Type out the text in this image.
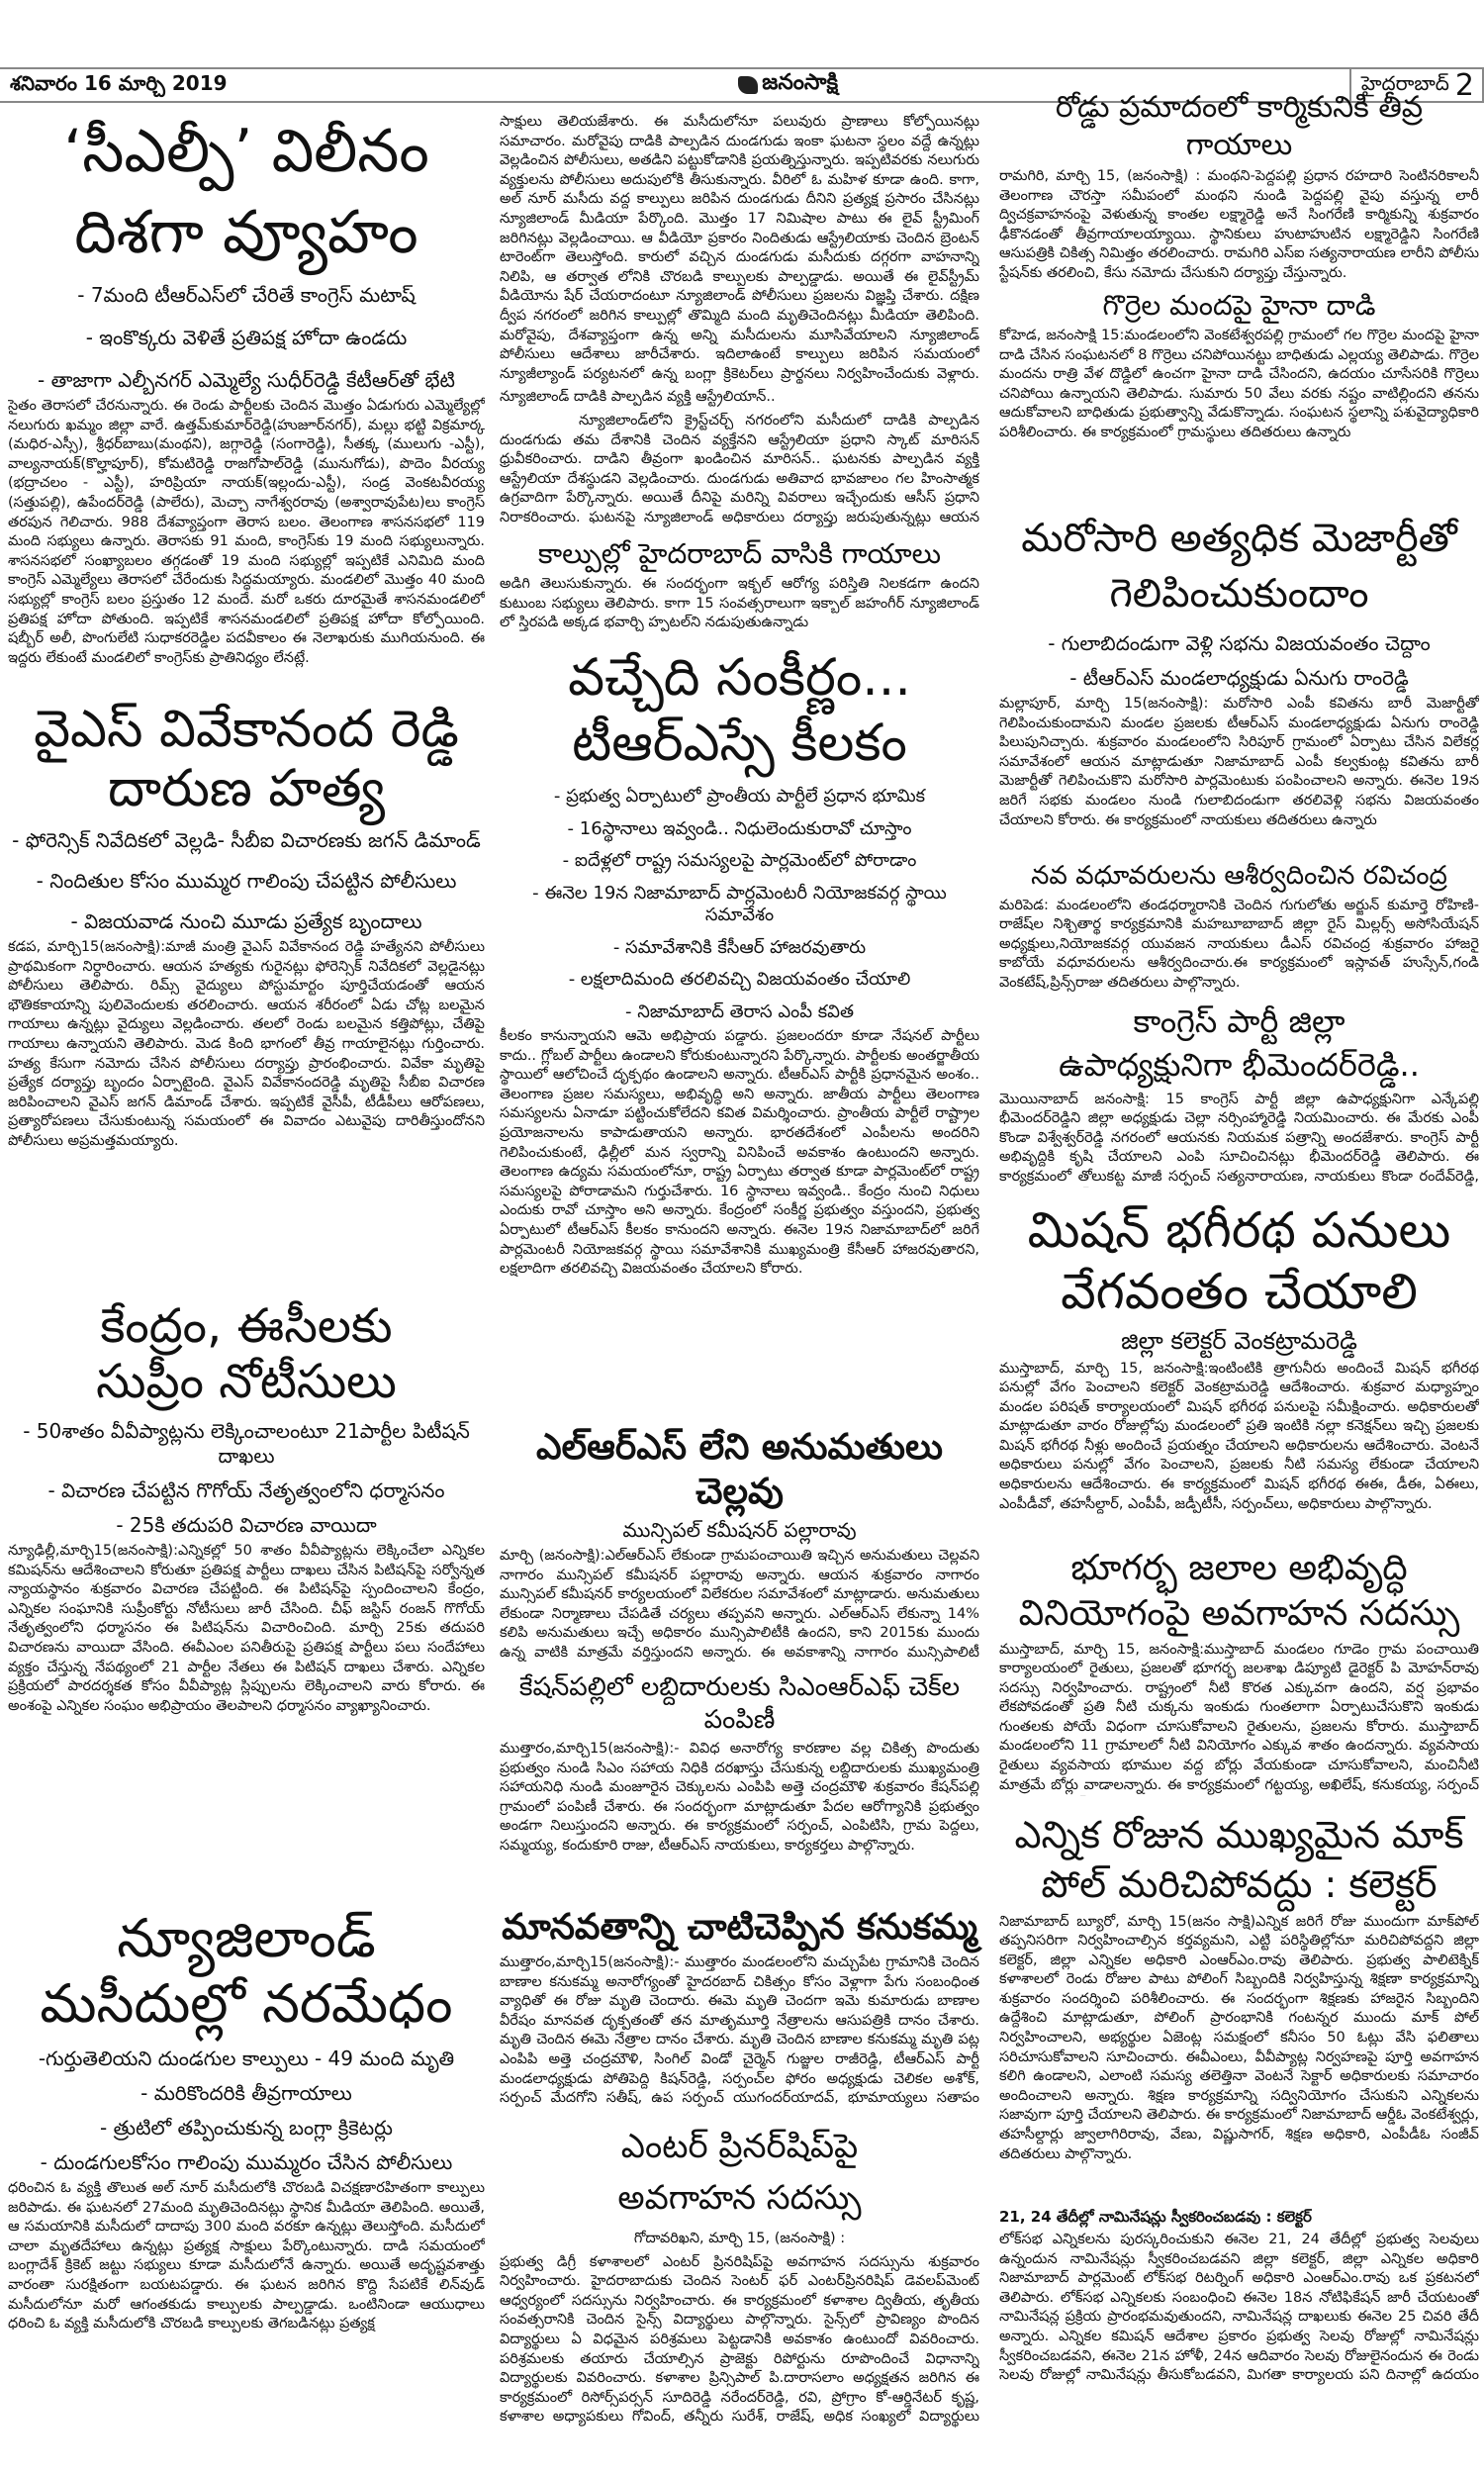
శనివారం 16 మార్చి 2019	జనంసాక్షి	హైదరాబాద్ 2
‘సీఎల్పీ’ విలీనం
దిశగా వ్యూహం
- 7మంది టీఆర్ఎస్‌లో చేరితే కాంగ్రెస్ మటాష్
- ఇంకొక్కరు వెళితే ప్రతిపక్ష హోదా ఉండదు
- తాజాగా ఎల్బీనగర్ ఎమ్మెల్యే సుధీర్‌రెడ్డి కేటీఆర్‌తో భేటి
సైతం తెరాసలో చేరనున్నారు. ఈ రెండు పార్టీలకు చెందిన మొత్తం ఏడుగురు ఎమ్మెల్యేల్లో నలుగురు ఖమ్మం జిల్లా వారే. ఉత్తమ్‌కుమార్‌రెడ్డి(హుజూర్‌నగర్), మల్లు భట్టి విక్రమార్క (మధిర-ఎస్సీ), శ్రీధర్‌బాబు(మంథని), జగ్గారెడ్డి (సంగారెడ్డి), సీతక్క (ములుగు -ఎస్టీ), వాల్యనాయక్‌(కొల్హాపూర్), కోమటిరెడ్డి రాజగోపాల్‌రెడ్డి (మునుగోడు), పొదెం వీరయ్య (భద్రాచలం - ఎస్టీ), హరిప్రియా నాయక్‌(ఇల్లందు-ఎస్టీ), సండ్ర వెంకటవీరయ్య (సత్తుపల్లి), ఉపేందర్‌రెడ్డి (పాలేరు), మెచ్చా నాగేశ్వరరావు (అశ్వారావుపేట)లు కాంగ్రెస్ తరపున గెలిచారు. 988 దేశవ్యాప్తంగా తెరాస బలం. తెలంగాణ శాసనసభలో 119 మంది సభ్యులు ఉన్నారు. తెరాసకు 91 మంది, కాంగ్రెస్‌కు 19 మంది సభ్యులున్నారు. శాసనసభలో సంఖ్యాబలం తగ్గడంతో 19 మంది సభ్యుల్లో ఇప్పటికే ఎనిమిది మంది కాంగ్రెస్ ఎమ్మెల్యేలు తెరాసలో చేరేందుకు సిద్ధమయ్యారు. మండలిలో మొత్తం 40 మంది సభ్యుల్లో కాంగ్రెస్ బలం ప్రస్తుతం 12 మందే. మరో ఒకరు దూరమైతే శాసనమండలిలో ప్రతిపక్ష హోదా పోతుంది. ఇప్పటికే శాసనమండలిలో ప్రతిపక్ష హోదా కోల్పోయింది. షబ్బీర్ అలీ, పొంగులేటి సుధాకరరెడ్డిల పదవీకాలం ఈ నెలాఖరుకు ముగియనుంది. ఈ ఇద్దరు లేకుంటే మండలిలో కాంగ్రెస్‌కు ప్రాతినిధ్యం లేనట్లే.
వైఎస్ వివేకానంద రెడ్డి
దారుణ హత్య
- ఫోరెన్సిక్ నివేదికలో వెల్లడి- సీబీఐ విచారణకు జగన్ డిమాండ్
- నిందితుల కోసం ముమ్మర గాలింపు చేపట్టిన పోలీసులు
- విజయవాడ నుంచి మూడు ప్రత్యేక బృందాలు
కడప, మార్చి15(జనంసాక్షి):మాజీ మంత్రి వైఎస్ వివేకానంద రెడ్డి హత్యేనని పోలీసులు ప్రాథమికంగా నిర్ధారించారు. ఆయన హత్యకు గురైనట్లు ఫోరెన్సిక్ నివేదికలో వెల్లడైనట్లు పోలీసులు తెలిపారు. రిమ్స్ వైద్యులు పోస్టుమార్టం పూర్తిచేయడంతో ఆయన భౌతికకాయాన్ని పులివెందులకు తరలించారు. ఆయన శరీరంలో ఏడు చోట్ల బలమైన గాయాలు ఉన్నట్లు వైద్యులు వెల్లడించారు. తలలో రెండు బలమైన కత్తిపోట్లు, చేతిపై గాయాలు ఉన్నాయని తెలిపారు. మెడ కింది భాగంలో తీవ్ర గాయాలైనట్లు గుర్తించారు. హత్య కేసుగా నమోదు చేసిన పోలీసులు దర్యాప్తు ప్రారంభించారు. వివేకా మృతిపై ప్రత్యేక దర్యాప్తు బృందం ఏర్పాటైంది. వైఎస్ వివేకానందరెడ్డి మృతిపై సీబీఐ విచారణ జరిపించాలని వైఎస్ జగన్ డిమాండ్ చేశారు. ఇప్పటికే వైసీపీ, టీడీపీలు ఆరోపణలు, ప్రత్యారోపణలు చేసుకుంటున్న సమయంలో ఈ వివాదం ఎటువైపు దారితీస్తుందోనని పోలీసులు అప్రమత్తమయ్యారు.
కేంద్రం, ఈసీలకు
సుప్రీం నోటీసులు
- 50శాతం వీవీప్యాట్లను లెక్కించాలంటూ 21పార్టీల పిటీషన్ దాఖలు
- విచారణ చేపట్టిన గొగోయ్ నేతృత్వంలోని ధర్మాసనం
- 25కి తదుపరి విచారణ వాయిదా
న్యూఢిల్లీ,మార్చి15(జనంసాక్షి):ఎన్నికల్లో 50 శాతం వీవీప్యాట్లను లెక్కించేలా ఎన్నికల కమిషన్‌ను ఆదేశించాలని కోరుతూ ప్రతిపక్ష పార్టీలు దాఖలు చేసిన పిటిషన్‌పై సర్వోన్నత న్యాయస్థానం శుక్రవారం విచారణ చేపట్టింది. ఈ పిటిషన్‌పై స్పందించాలని కేంద్రం, ఎన్నికల సంఘానికి సుప్రీంకోర్టు నోటీసులు జారీ చేసింది. చీఫ్ జస్టిస్ రంజన్ గొగోయ్ నేతృత్వంలోని ధర్మాసనం ఈ పిటిషన్‌ను విచారించింది. మార్చి 25కు తదుపరి విచారణను వాయిదా వేసింది. ఈవీఎంల పనితీరుపై ప్రతిపక్ష పార్టీలు పలు సందేహాలు వ్యక్తం చేస్తున్న నేపథ్యంలో 21 పార్టీల నేతలు ఈ పిటిషన్ దాఖలు చేశారు. ఎన్నికల ప్రక్రియలో పారదర్శకత కోసం వీవీప్యాట్ల స్లిప్పులను లెక్కించాలని వారు కోరారు. ఈ అంశంపై ఎన్నికల సంఘం అభిప్రాయం తెలపాలని ధర్మాసనం వ్యాఖ్యానించారు.
న్యూజిలాండ్
మసీదుల్లో నరమేధం
-గుర్తుతెలియని దుండగుల కాల్పులు - 49 మంది మృతి
- మరికొందరికి తీవ్రగాయాలు
- త్రుటిలో తప్పించుకున్న బంగ్లా క్రికెటర్లు
- దుండగులకోసం గాలింపు ముమ్మరం చేసిన పోలీసులు
ధరించిన ఓ వ్యక్తి తొలుత అల్ నూర్ మసీదులోకి చొరబడి విచక్షణారహితంగా కాల్పులు జరిపాడు. ఈ ఘటనలో 27మంది మృతిచెందినట్లు స్థానిక మీడియా తెలిపింది. అయితే, ఆ సమయానికి మసీదులో దాదాపు 300 మంది వరకూ ఉన్నట్లు తెలుస్తోంది. మసీదులో చాలా మృతదేహాలు ఉన్నట్లు ప్రత్యక్ష సాక్షులు పేర్కొంటున్నారు. దాడి సమయంలో బంగ్లాదేశ్ క్రికెట్ జట్టు సభ్యులు కూడా మసీదులోనే ఉన్నారు. అయితే అదృష్టవశాత్తు వారంతా సురక్షితంగా బయటపడ్డారు. ఈ ఘటన జరిగిన కొద్ది సేపటికే లిన్‌వుడ్ మసీదులోనూ మరో ఆగంతకుడు కాల్పులకు పాల్పడ్డాడు. ఒంటినిండా ఆయుధాలు ధరించి ఓ వ్యక్తి మసీదులోకి చొరబడి కాల్పులకు తెగబడినట్లు ప్రత్యక్ష
సాక్షులు తెలియజేశారు. ఈ మసీదులోనూ పలువురు ప్రాణాలు కోల్పోయినట్లు సమాచారం. మరోవైపు దాడికి పాల్పడిన దుండగుడు ఇంకా ఘటనా స్థలం వద్దే ఉన్నట్లు వెల్లడించిన పోలీసులు, అతడిని పట్టుకోడానికి ప్రయత్నిస్తున్నారు. ఇప్పటివరకు నలుగురు వ్యక్తులను పోలీసులు అదుపులోకి తీసుకున్నారు. వీరిలో ఓ మహిళ కూడా ఉంది. కాగా, అల్ నూర్ మసీదు వద్ద కాల్పులు జరిపిన దుండగుడు దీనిని ప్రత్యక్ష ప్రసారం చేసినట్లు న్యూజిలాండ్ మీడియా పేర్కొంది. మొత్తం 17 నిమిషాల పాటు ఈ లైవ్ స్ట్రీమింగ్ జరిగినట్లు వెల్లడించాయి. ఆ వీడియో ప్రకారం నిందితుడు ఆస్ట్రేలియాకు చెందిన బ్రెంటన్ టారెంట్‌గా తెలుస్తోంది. కారులో వచ్చిన దుండగుడు మసీదుకు దగ్గరగా వాహనాన్ని నిలిపి, ఆ తర్వాత లోనికి చొరబడి కాల్పులకు పాల్పడ్డాడు. అయితే ఈ లైవ్‌స్ట్రీమ్ వీడియోను షేర్ చేయరాదంటూ న్యూజిలాండ్ పోలీసులు ప్రజలను విజ్ఞప్తి చేశారు. దక్షిణ ద్వీప నగరంలో జరిగిన కాల్పుల్లో తొమ్మిది మంది మృతిచెందినట్లు మీడియా తెలిపింది. మరోవైపు, దేశవ్యాప్తంగా ఉన్న అన్ని మసీదులను మూసివేయాలని న్యూజిలాండ్ పోలీసులు ఆదేశాలు జారీచేశారు. ఇదిలాఉంటే కాల్పులు జరిపిన సమయంలో న్యూజీల్యాండ్ పర్యటనలో ఉన్న బంగ్లా క్రికెటర్‌లు ప్రార్థనలు నిర్వహించేందుకు వెళ్లారు.
న్యూజిలాండ్ దాడికి పాల్పడిన వ్యక్తి ఆస్ట్రేలియాన్..
న్యూజిలాండ్‌లోని క్రైస్ట్‌చర్చ్ నగరంలోని మసీదులో దాడికి పాల్పడిన దుండగుడు తమ దేశానికి చెందిన వ్యక్తేనని ఆస్ట్రేలియా ప్రధాని స్కాట్ మారిసన్ ధ్రువీకరించారు. దాడిని తీవ్రంగా ఖండించిన మారిసన్.. ఘటనకు పాల్పడిన వ్యక్తి ఆస్ట్రేలియా దేశస్థుడని వెల్లడించారు. దుండగుడు అతివాద భావజాలం గల హింసాత్మక ఉగ్రవాదిగా పేర్కొన్నారు. అయితే దీనిపై మరిన్ని వివరాలు ఇచ్చేందుకు ఆసీస్ ప్రధాని నిరాకరించారు. ఘటనపై న్యూజిలాండ్ అధికారులు దర్యాప్తు జరుపుతున్నట్లు ఆయన
కాల్పుల్లో హైదరాబాద్ వాసికి గాయాలు
అడిగి తెలుసుకున్నారు. ఈ సందర్భంగా ఇక్బల్ ఆరోగ్య పరిస్తితి నిలకడగా ఉందని కుటుంబ సభ్యులు తెలిపారు. కాగా 15 సంవత్సరాలుగా ఇక్బాల్ జహంగీర్ న్యూజిలాండ్ లో స్తిరపడి అక్కడ భవార్చి హ్పటల్‌ని నడుపుతుఉన్నాడు
వచ్చేది సంకీర్ణం...
టీఆర్ఎస్సే కీలకం
- ప్రభుత్వ ఏర్పాటులో ప్రాంతీయ పార్టీలే ప్రధాన భూమిక
- 16స్థానాలు ఇవ్వండి.. నిధులెందుకురావో చూస్తాం
- ఐదేళ్లలో రాష్ట్ర సమస్యలపై పార్లమెంట్‌లో పోరాడాం
- ఈనెల 19న నిజామాబాద్ పార్లమెంటరీ నియోజకవర్గ స్థాయి సమావేశం
- సమావేశానికి కేసీఆర్ హాజరవుతారు
- లక్షలాదిమంది తరలివచ్చి విజయవంతం చేయాలి
- నిజామాబాద్ తెరాస ఎంపీ కవిత
కీలకం కానున్నాయని ఆమె అభిప్రాయ పడ్డారు. ప్రజలందరూ కూడా నేషనల్ పార్టీలు కాదు.. గ్లోబల్ పార్టీలు ఉండాలని కోరుకుంటున్నారని పేర్కొన్నారు. పార్టీలకు అంతర్జాతీయ స్థాయిలో ఆలోచించే దృక్పథం ఉండాలని అన్నారు. టీఆర్ఎస్ పార్టీకి ప్రధానమైన అంశం.. తెలంగాణ ప్రజల సమస్యలు, అభివృద్ధి అని అన్నారు. జాతీయ పార్టీలు తెలంగాణ సమస్యలను ఏనాడూ పట్టించుకోలేదని కవిత విమర్శించారు. ప్రాంతీయ పార్టీలే రాష్ట్రాల ప్రయోజనాలను కాపాడుతాయని అన్నారు. భారతదేశంలో ఎంపీలను అందరిని గెలిపించుకుంటే, ఢిల్లీలో మన స్వరాన్ని వినిపించే అవకాశం ఉంటుందని అన్నారు. తెలంగాణ ఉద్యమ సమయంలోనూ, రాష్ట్ర ఏర్పాటు తర్వాత కూడా పార్లమెంట్‌లో రాష్ట్ర సమస్యలపై పోరాడామని గుర్తుచేశారు. 16 స్థానాలు ఇవ్వండి.. కేంద్రం నుంచి నిధులు ఎందుకు రావో చూస్తాం అని అన్నారు. కేంద్రంలో సంకీర్ణ ప్రభుత్వం వస్తుందని, ప్రభుత్వ ఏర్పాటులో టీఆర్ఎస్ కీలకం కానుందని అన్నారు. ఈనెల 19న నిజామాబాద్‌లో జరిగే పార్లమెంటరీ నియోజకవర్గ స్థాయి సమావేశానికి ముఖ్యమంత్రి కేసీఆర్ హాజరవుతారని, లక్షలాదిగా తరలివచ్చి విజయవంతం చేయాలని కోరారు.
ఎల్ఆర్ఎస్ లేని అనుమతులు చెల్లవు
మున్సిపల్ కమీషనర్ పల్లారావు
మార్చి (జనంసాక్షి):ఎల్ఆర్ఎస్ లేకుండా గ్రామపంచాయితి ఇచ్చిన అనుమతులు చెల్లవని నాగారం మున్సిపల్ కమీషనర్ పల్లారావు అన్నారు. ఆయన శుక్రవారం నాగారం మున్సిపల్ కమీషనర్ కార్యలయంలో విలేకరుల సమావేశంలో మాట్లాడారు. అనుమతులు లేకుండా నిర్మాణాలు చేపడితే చర్యలు తప్పవని అన్నారు. ఎల్ఆర్ఎస్ లేకున్నా 14% కలిపి అనుమతులు ఇచ్చే అధికారం మున్సిపాలిటీకి ఉందని, కాని 2015కు ముందు ఉన్న వాటికి మాత్రమే వర్తిస్తుందని అన్నారు. ఈ అవకాశాన్ని నాగారం మున్సిపాలిటీ
కేషన్‌పల్లిలో లబ్దిదారులకు సిఎంఆర్ఎఫ్ చెక్‌ల పంపిణీ
ముత్తారం,మార్చి15(జనంసాక్షి):- వివిధ అనారోగ్య కారణాల వల్ల చికిత్స పొందుతు ప్రభుత్వం నుండి సిఎం సహాయ నిధికి దరఖాస్తు చేసుకున్న లబ్దిదారులకు ముఖ్యమంత్రి సహాయనిధి నుండి మంజూరైన చెక్కులను ఎంపిపి అత్తె చంద్రమౌళి శుక్రవారం కేషన్‌పల్లి గ్రామంలో పంపిణీ చేశారు. ఈ సందర్భంగా మాట్లాడుతూ పేదల ఆరోగ్యానికి ప్రభుత్వం అండగా నిలుస్తుందని అన్నారు. ఈ కార్యక్రమంలో సర్పంచ్, ఎంపిటిసి, గ్రామ పెద్దలు, సమ్మయ్య, కందుకూరి రాజు, టీఆర్ఎస్ నాయకులు, కార్యకర్తలు పాల్గొన్నారు.
మానవతాన్ని చాటిచెప్పిన కనుకమ్మ
ముత్తారం,మార్చి15(జనంసాక్షి):- ముత్తారం మండలంలోని మచ్చుపేట గ్రామానికి చెందిన బాణాల కనుకమ్మ అనారోగ్యంతో హైదరబాద్ చికిత్సం కోసం వెళ్లాగా పేగు సంబంధింత వ్యాధితో ఈ రోజు మృతి చెందారు. ఈమె మృతి చెందగా ఇమె కుమారుడు బాణాల వీరేషం మానవత దృక్పతంతో తన మాతృమూర్తి నేత్రాలను ఆసుపత్రికి దానం చేశారు. మృతి చెందిన ఈమె నేత్రాల దానం చేశారు. మృతి చెందిన బాణాల కనుకమ్మ మృతి పట్ల ఎంపిపి అత్తె చంద్రమౌళి, సింగిల్ విండో చైర్మెన్ గుజ్జుల రాజీరెడ్డి, టీఆర్ఎస్ పార్టీ మండలాధ్యక్షుడు పోతిపెద్ది కిషన్‌రెడ్డి, సర్పంచ్‌ల ఫోరం అధ్యక్షుడు చెలికల అశోక్, సర్పంచ్ మేదగోని సతీష్, ఉప సర్పంచ్ యుగందర్‌యాదవ్, భూమాయ్యలు సతాపం
ఎంటర్ ప్రినర్‌షిప్‌పై
అవగాహన సదస్సు
గోదావరిఖని, మార్చి 15, (జనంసాక్షి) :
ప్రభుత్వ డిగ్రీ కళాశాలలో ఎంటర్ ప్రినరిషిప్‌పై అవగాహన సదస్సును శుక్రవారం నిర్వహించారు. హైదరాబాదుకు చెందిన సెంటర్ ఫర్ ఎంటర్‌ప్రినరిషిప్ డెవలప్‌మెంట్ ఆధ్వర్యంలో సదస్సును నిర్వహించారు. ఈ కార్యక్రమంలో కళాశాల ద్వితీయ, తృతీయ సంవత్సరానికి చెందిన సైన్స్ విద్యార్థులు పాల్గొన్నారు. సైన్స్‌లో ప్రావిణ్యం పొందిన విద్యార్థులు ఏ విధమైన పరిశ్రమలు పెట్టడానికి అవకాశం ఉంటుందో వివరించారు. పరిశ్రమలకు తయారు చేయాల్సిన ప్రాజెక్టు రిపోర్టును రూపొందించే విధానాన్ని విద్యార్థులకు వివరించారు. కళాశాల ప్రిన్సిపాల్ పి.దారాసలాం అధ్యక్షతన జరిగిన ఈ కార్యక్రమంలో రిసోర్స్‌పర్సన్ సూదిరెడ్డి నరేందర్‌రెడ్డి, రవి, ప్రోగ్రాం కో-ఆర్డినేటర్ కృష్ణ, కళాశాల అధ్యాపకులు గోవింద్, తన్నీరు సురేశ్, రాజేష్, అధిక సంఖ్యలో విద్యార్థులు
రోడ్డు ప్రమాదంలో కార్మికునికి తీవ్ర గాయాలు
రామగిరి, మార్చి 15, (జనంసాక్షి) : మంథని-పెద్దపల్లి ప్రధాన రహదారి సెంటినరికాలనీ తెలంగాణ చౌరస్తా సమీపంలో మంథని నుండి పెద్దపల్లి వైపు వస్తున్న లారీ ద్విచక్రవాహనంపై వెళుతున్న కాంతల లక్ష్మారెడ్డి అనే సింగరేణి కార్మికున్ని శుక్రవారం ఢీకొనడంతో తీవ్రగాయాలయ్యాయి. స్థానికులు హుటాహుటిన లక్ష్మారెడ్డిని సింగరేణి ఆసుపత్రికి చికిత్స నిమిత్తం తరలించారు. రామగిరి ఎస్ఐ సత్యనారాయణ లారీని పోలీసు స్టేషన్‌కు తరలించి, కేసు నమోదు చేసుకుని దర్యాప్తు చేస్తున్నారు.
గొర్రెల మందపై హైనా దాడి
కోహెడ, జనంసాక్షి 15:మండలంలోని వెంకటేశ్వరపల్లి గ్రామంలో గల గొర్రెల మందపై హైనా దాడి చేసిన సంఘటనలో 8 గొర్రెలు చనిపోయినట్టు బాధితుడు ఎల్లయ్య తెలిపాడు. గొర్రెల మందను రాత్రి వేళ దొడ్డిలో ఉంచగా హైనా దాడి చేసిందని, ఉదయం చూసేసరికి గొర్రెలు చనిపోయి ఉన్నాయని తెలిపాడు. సుమారు 50 వేలు వరకు నష్టం వాటిల్లిందని తనను ఆదుకోవాలని బాధితుడు ప్రభుత్వాన్ని వేడుకొన్నాడు. సంఘటన స్థలాన్ని పశువైద్యాధికారి పరిశీలించారు. ఈ కార్యక్రమంలో గ్రామస్థులు తదితరులు ఉన్నారు
మరోసారి అత్యధిక మెజార్టీతో
గెలిపించుకుందాం
- గులాబిదండుగా వెళ్లి సభను విజయవంతం చెద్దాం
- టీఆర్ఎస్ మండలాధ్యక్షుడు ఏనుగు రాంరెడ్డి
మల్లాపూర్, మార్చి 15(జనంసాక్షి): మరోసారి ఎంపీ కవితను బారీ మెజార్టీతో గెలిపించుకుందామని మండల ప్రజలకు టీఆర్ఎస్ మండలాధ్యక్షుడు ఏనుగు రాంరెడ్డి పిలుపునిచ్చారు. శుక్రవారం మండలంలోని సిరిపూర్ గ్రామంలో ఏర్పాటు చేసిన విలేకర్ల సమావేశంలో ఆయన మాట్లాడుతూ నిజామాబాద్ ఎంపీ కల్వకుంట్ల కవితను బారీ మెజార్టీతో గెలిపించుకొని మరోసారి పార్లమెంటుకు పంపించాలని అన్నారు. ఈనెల 19న జరిగే సభకు మండలం నుండి గులాబిదండుగా తరలివెళ్లి సభను విజయవంతం చేయాలని కోరారు. ఈ కార్యక్రమంలో నాయకులు తదితరులు ఉన్నారు
నవ వధూవరులను ఆశీర్వదించిన రవిచంద్ర
మరిపెడ: మండలంలోని తండధర్మారానికి చెందిన గుగులోతు అర్జున్ కుమార్తె రోహిణి-రాజేష్‌ల నిశ్చితార్థ కార్యక్రమానికి మహబూబాబాద్ జిల్లా రైస్ మిల్లర్స్ అసోసియేషన్ అధ్యక్షులు,నియోజకవర్గ యువజన నాయకులు డీఎస్ రవిచంద్ర శుక్రవారం హాజరై కాబోయే వధూవరులను ఆశీర్వదించారు.ఈ కార్యక్రమంలో ఇస్లావత్ హుస్సేన్,గండి వెంకటేష్,ప్రిన్స్‌రాజు తదితరులు పాల్గొన్నారు.
కాంగ్రెస్ పార్టీ జిల్లా
ఉపాధ్యక్షునిగా భీమెందర్‌రెడ్డి..
మొయినాబాద్ జనంసాక్షి: 15 కాంగ్రెస్ పార్టీ జిల్లా ఉపాధ్యక్షునిగా ఎన్కేపల్లి భీమెందర్‌రెడ్డిని జిల్లా అధ్యక్షుడు చెల్లా నర్సింహ్మారెడ్డి నియమించారు. ఈ మేరకు ఎంపీ కొండా విశ్వేశ్వర్‌రెడ్డి నగరంలో ఆయనకు నియమక పత్రాన్ని అందజేశారు. కాంగ్రెస్ పార్టీ అభివృద్దికి కృషి చేయాలని ఎంపి సూచించినట్లు భీమెందర్‌రెడ్డి తెలిపారు. ఈ కార్యక్రమంలో తోలుకట్ట మాజీ సర్పంచ్ సత్యనారాయణ, నాయకులు కొండా రందేవ్‌రెడ్డి,
మిషన్ భగీరథ పనులు
వేగవంతం చేయాలి
జిల్లా కలెక్టర్ వెంకట్రామరెడ్డి
ముస్తాబాద్, మార్చి 15, జనంసాక్షి:ఇంటింటికి త్రాగునీరు అందించే మిషన్ భగీరథ పనుల్లో వేగం పెంచాలని కలెక్టర్ వెంకట్రామరెడ్డి ఆదేశించారు. శుక్రవార మధ్యాహ్నం మండల పరిషత్ కార్యాలయంలో మిషన్ భగీరథ పనులపై సమీక్షించారు. అధికారులతో మాట్లాడుతూ వారం రోజుల్లోపు మండలంలో ప్రతి ఇంటికి నల్లా కనెక్షన్‌లు ఇచ్చి ప్రజలకు మిషన్ భగీరథ నీళ్లు అందించే ప్రయత్నం చేయాలని అధికారులను ఆదేశించారు. వెంటనే అధికారులు పనుల్లో వేగం పెంచాలని, ప్రజలకు నీటి సమస్య లేకుండా చేయాలని అధికారులను ఆదేశించారు. ఈ కార్యక్రమంలో మిషన్ భగీరథ ఈఈ, డీఈ, ఏఈలు, ఎంపీడీవో, తహసీల్దార్, ఎంపీపీ, జడ్పీటీసీ, సర్పంచ్‌లు, అధికారులు పాల్గొన్నారు.
భూగర్భ జలాల అభివృద్ధి
వినియోగంపై అవగాహన సదస్సు
ముస్తాబాద్, మార్చి 15, జనంసాక్షి:ముస్తాబాద్ మండలం గూడెం గ్రామ పంచాయితి కార్యాలయంలో రైతులు, ప్రజలతో భూగర్భ జలశాఖ డిప్యూటి డైరెక్టర్ పి మోహన్‌రావు సదస్సు నిర్వహించారు. రాష్ట్రంలో నీటి కొరత ఎక్కువగా ఉందని, వర్ష ప్రభావం లేకపోవడంతో ప్రతి నీటి చుక్కను ఇంకుడు గుంతలాగా ఏర్పాటుచేసుకొని ఇంకుడు గుంతలకు పోయే విధంగా చూసుకోవాలని రైతులను, ప్రజలను కోరారు. ముస్తాబాద్ మండలంలోని 11 గ్రామాలలో నీటి వినియోగం ఎక్కువ శాతం ఉందన్నారు. వ్యవసాయ రైతులు వ్యవసాయ భూముల వద్ద బోర్లు వేయకుండా చూసుకోవాలని, మంచినీటి మాత్రమే బోర్లు వాడాలన్నారు. ఈ కార్యక్రమంలో గట్టయ్య, అఖిలేష్, కనుకయ్య, సర్పంచ్
ఎన్నిక రోజున ముఖ్యమైన మాక్
పోల్ మరిచిపోవద్దు : కలెక్టర్
నిజామాబాద్ బ్యూరో, మార్చి 15(జనం సాక్షి)ఎన్నిక జరిగే రోజు ముందుగా మాక్‌పోల్ తప్పనిసరిగా నిర్వహించాల్సిన కర్తవ్యమని, ఎట్టి పరిస్థితిల్లోనూ మరిచిపోవద్దని జిల్లా కలెక్టర్, జిల్లా ఎన్నికల అధికారి ఎంఆర్ఎం.రావు తెలిపారు. ప్రభుత్వ పాలిటెక్నిక్ కళాశాలలో రెండు రోజుల పాటు పోలింగ్ సిబ్బందికి నిర్వహిస్తున్న శిక్షణా కార్యక్రమాన్ని శుక్రవారం సందర్శించి పరిశీలించారు. ఈ సందర్భంగా శిక్షణకు హాజరైన సిబ్బందిని ఉద్దేశించి మాట్లాడుతూ, పోలింగ్ ప్రారంభానికి గంటన్నర ముందు మాక్ పోల్ నిర్వహించాలని, అభ్యర్థుల ఏజెంట్ల సమక్షంలో కనీసం 50 ఓట్లు వేసి ఫలితాలు సరిచూసుకోవాలని సూచించారు. ఈవీఎంలు, వీవీప్యాట్ల నిర్వహణపై పూర్తి అవగాహన కలిగి ఉండాలని, ఎలాంటి సమస్య తలెత్తినా వెంటనే సెక్టార్ అధికారులకు సమాచారం అందించాలని అన్నారు. శిక్షణ కార్యక్రమాన్ని సద్వినియోగం చేసుకుని ఎన్నికలను సజావుగా పూర్తి చేయాలని తెలిపారు. ఈ కార్యక్రమంలో నిజామాబాద్ ఆర్డీఓ వెంకటేశ్వర్లు, తహసీల్దార్లు జ్వాలాగిరిరావు, వేణు, విష్ణుసాగర్, శిక్షణ అధికారి, ఎంపీడీఓ సంజీవ్ తదితరులు పాల్గొన్నారు.
21, 24 తేదీల్లో నామినేషన్లు స్వీకరించబడవు : కలెక్టర్
లోక్‌సభ ఎన్నికలను పురస్కరించుకుని ఈనెల 21, 24 తేదీల్లో ప్రభుత్వ సెలవులు ఉన్నందున నామినేషన్లు స్వీకరించబడవని జిల్లా కలెక్టర్, జిల్లా ఎన్నికల అధికారి నిజామాబాద్ పార్లమెంట్ లోక్‌సభ రిటర్నింగ్ అధికారి ఎంఆర్ఎం.రావు ఒక ప్రకటనలో తెలిపారు. లోక్‌సభ ఎన్నికలకు సంబంధించి ఈనెల 18న నోటిఫికేషన్ జారీ చేయటంతో నామినేషన్ల ప్రక్రియ ప్రారంభమవుతుందని, నామినేషన్ల దాఖలుకు ఈనెల 25 చివరి తేదీ అన్నారు. ఎన్నికల కమిషన్ ఆదేశాల ప్రకారం ప్రభుత్వ సెలవు రోజుల్లో నామినేషన్లు స్వీకరించబడవని, ఈనెల 21న హోళీ, 24న ఆదివారం సెలవు రోజులైనందున ఈ రెండు సెలవు రోజుల్లో నామినేషన్లు తీసుకోబడవని, మిగతా కార్యాలయ పని దినాల్లో ఉదయం
